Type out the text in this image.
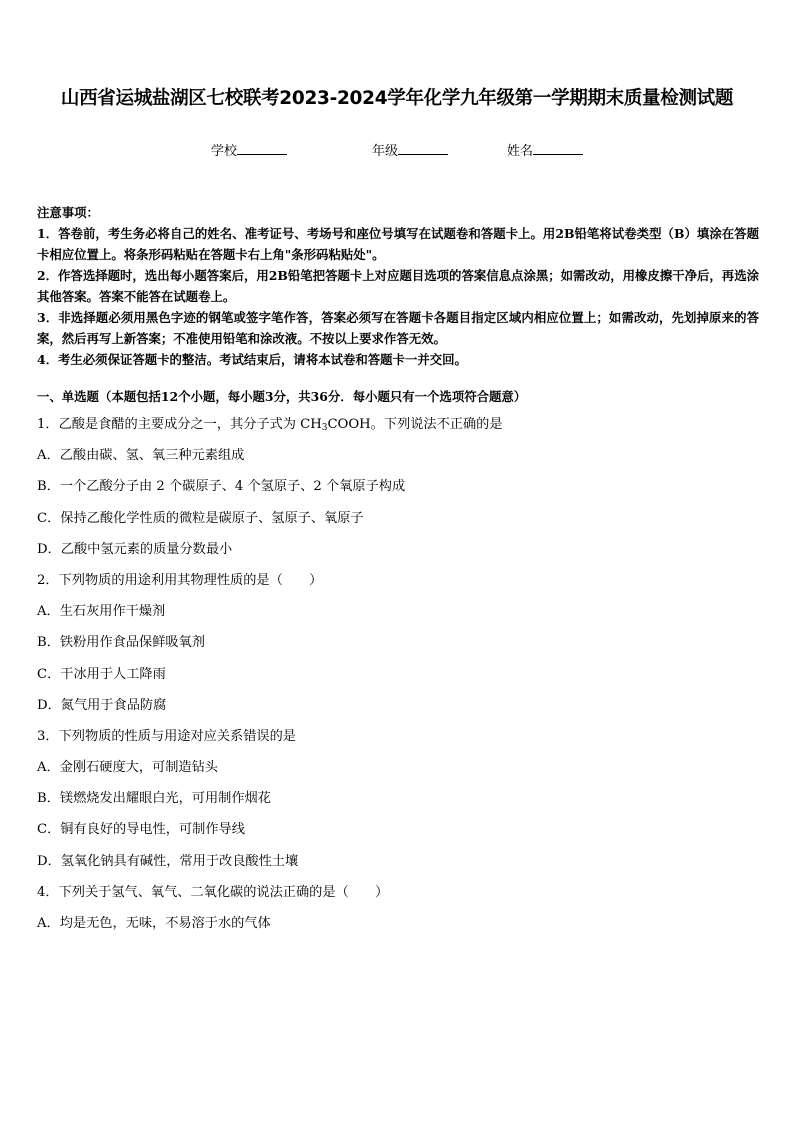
山西省运城盐湖区七校联考2023-2024学年化学九年级第一学期期末质量检测试题
学校	年级	姓名
注意事项：

1．答卷前，考生务必将自己的姓名、准考证号、考场号和座位号填写在试题卷和答题卡上。用2B铅笔将试卷类型（B）填涂在答题卡相应位置上。将条形码粘贴在答题卡右上角"条形码粘贴处"。

2．作答选择题时，选出每小题答案后，用2B铅笔把答题卡上对应题目选项的答案信息点涂黑；如需改动，用橡皮擦干净后，再选涂其他答案。答案不能答在试题卷上。

3．非选择题必须用黑色字迹的钢笔或签字笔作答，答案必须写在答题卡各题目指定区域内相应位置上；如需改动，先划掉原来的答案，然后再写上新答案；不准使用铅笔和涂改液。不按以上要求作答无效。

4．考生必须保证答题卡的整洁。考试结束后，请将本试卷和答题卡一并交回。

一、单选题（本题包括12个小题，每小题3分，共36分．每小题只有一个选项符合题意）
1．乙酸是食醋的主要成分之一，其分子式为 $CH_3COOH$。下列说法不正确的是
A．乙酸由碳、氢、氧三种元素组成
B．一个乙酸分子由 2 个碳原子、4 个氢原子、2 个氧原子构成
C．保持乙酸化学性质的微粒是碳原子、氢原子、氧原子
D．乙酸中氢元素的质量分数最小
2．下列物质的用途利用其物理性质的是（　　）
A．生石灰用作干燥剂
B．铁粉用作食品保鲜吸氧剂
C．干冰用于人工降雨
D．氮气用于食品防腐
3．下列物质的性质与用途对应关系错误的是
A．金刚石硬度大，可制造钻头
B．镁燃烧发出耀眼白光，可用制作烟花
C．铜有良好的导电性，可制作导线
D．氢氧化钠具有碱性，常用于改良酸性土壤
4．下列关于氢气、氧气、二氧化碳的说法正确的是（　　）
A．均是无色，无味，不易溶于水的气体
